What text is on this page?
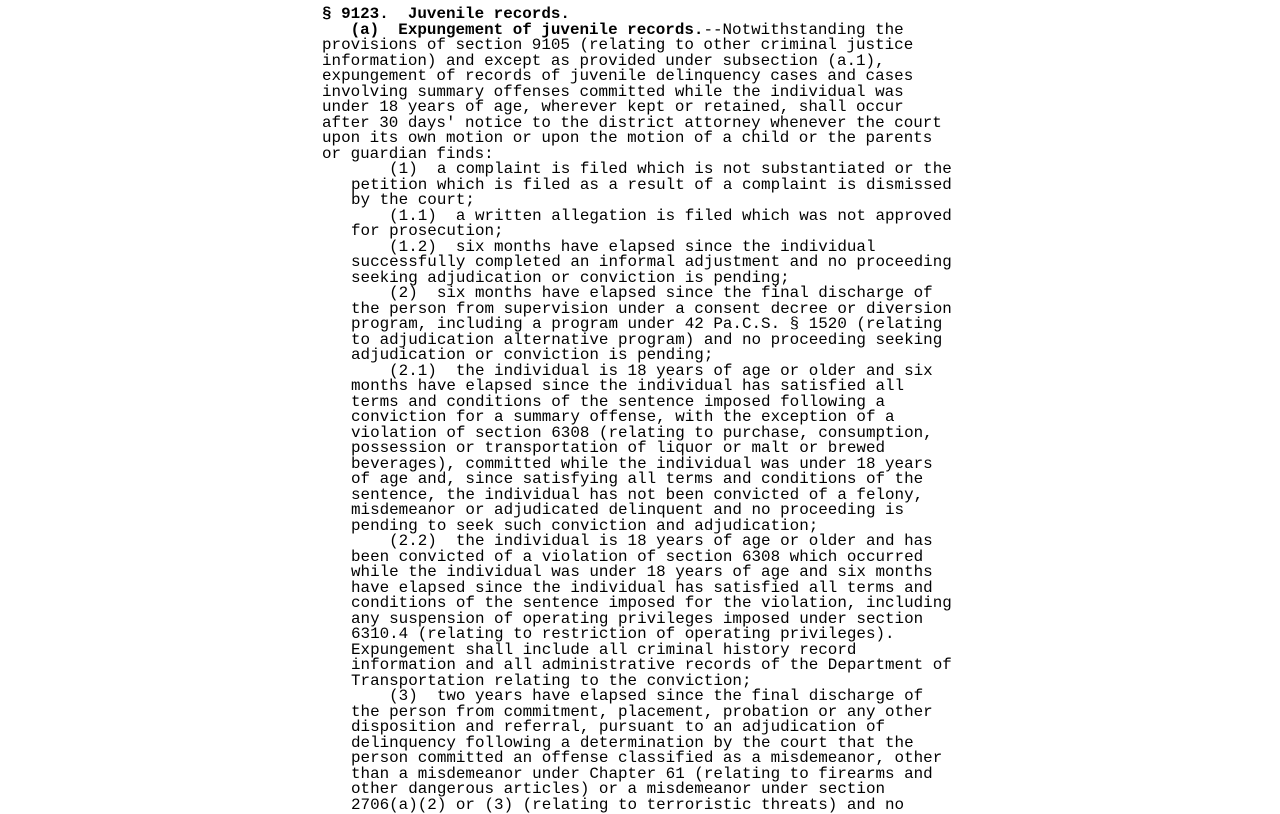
§ 9123. Juvenile records.
(a) Expungement of juvenile records.--Notwithstanding the
provisions of section 9105 (relating to other criminal justice
information) and except as provided under subsection (a.1),
expungement of records of juvenile delinquency cases and cases
involving summary offenses committed while the individual was
under 18 years of age, wherever kept or retained, shall occur
after 30 days' notice to the district attorney whenever the court
upon its own motion or upon the motion of a child or the parents
or guardian finds:
(1)  a complaint is filed which is not substantiated or the
petition which is filed as a result of a complaint is dismissed
by the court;
(1.1)  a written allegation is filed which was not approved
for prosecution;
(1.2)  six months have elapsed since the individual
successfully completed an informal adjustment and no proceeding
seeking adjudication or conviction is pending;
(2)  six months have elapsed since the final discharge of
the person from supervision under a consent decree or diversion
program, including a program under 42 Pa.C.S. § 1520 (relating
to adjudication alternative program) and no proceeding seeking
adjudication or conviction is pending;
(2.1)  the individual is 18 years of age or older and six
months have elapsed since the individual has satisfied all
terms and conditions of the sentence imposed following a
conviction for a summary offense, with the exception of a
violation of section 6308 (relating to purchase, consumption,
possession or transportation of liquor or malt or brewed
beverages), committed while the individual was under 18 years
of age and, since satisfying all terms and conditions of the
sentence, the individual has not been convicted of a felony,
misdemeanor or adjudicated delinquent and no proceeding is
pending to seek such conviction and adjudication;
(2.2)  the individual is 18 years of age or older and has
been convicted of a violation of section 6308 which occurred
while the individual was under 18 years of age and six months
have elapsed since the individual has satisfied all terms and
conditions of the sentence imposed for the violation, including
any suspension of operating privileges imposed under section
6310.4 (relating to restriction of operating privileges).
Expungement shall include all criminal history record
information and all administrative records of the Department of
Transportation relating to the conviction;
(3)  two years have elapsed since the final discharge of
the person from commitment, placement, probation or any other
disposition and referral, pursuant to an adjudication of
delinquency following a determination by the court that the
person committed an offense classified as a misdemeanor, other
than a misdemeanor under Chapter 61 (relating to firearms and
other dangerous articles) or a misdemeanor under section
2706(a)(2) or (3) (relating to terroristic threats) and no
